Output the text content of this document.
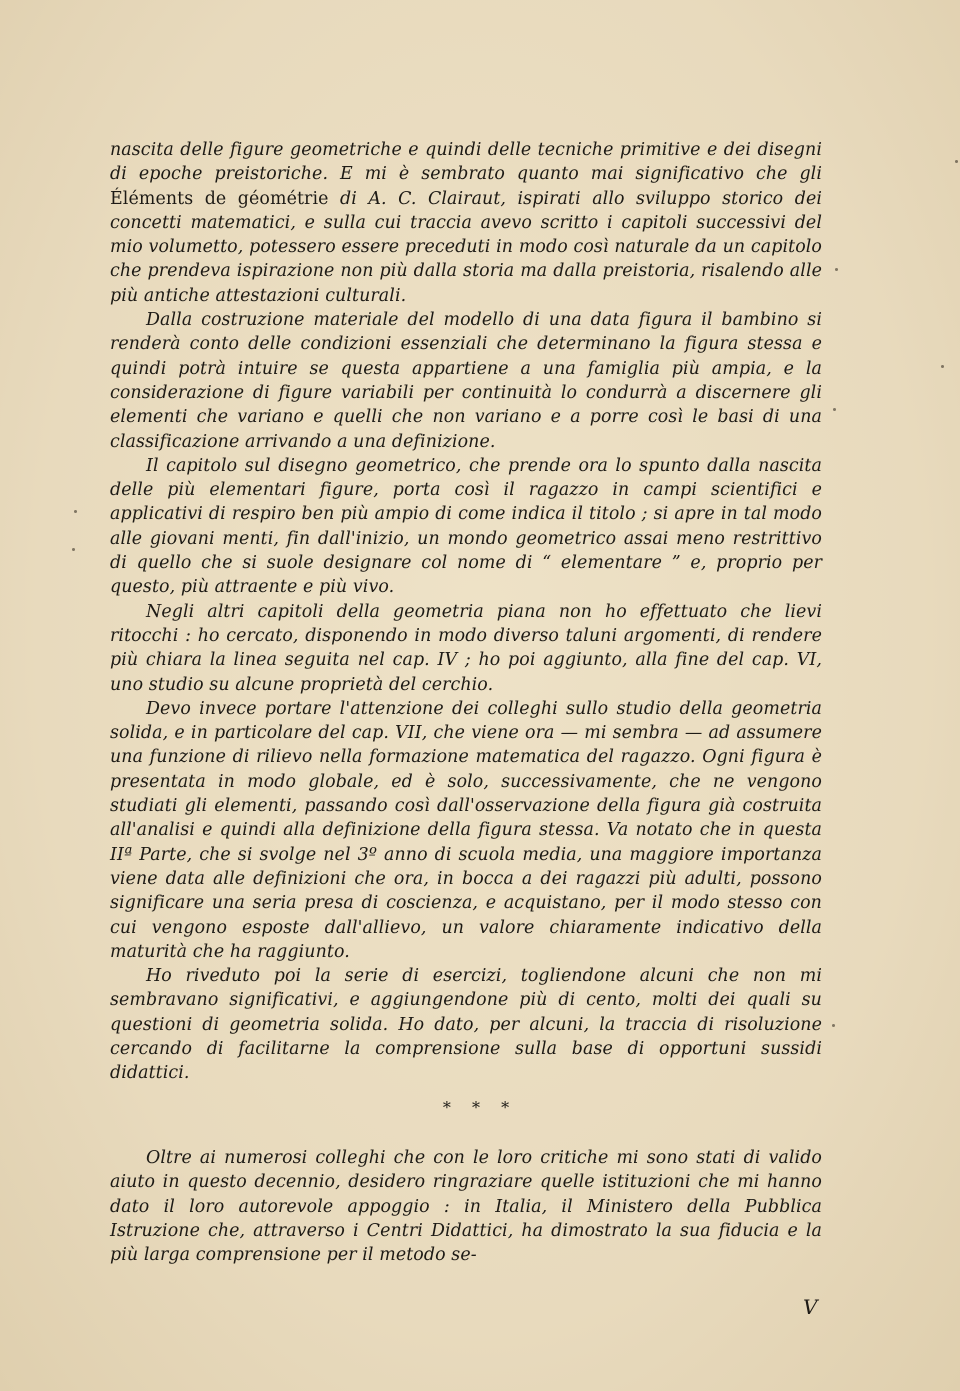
nascita delle figure geometriche e quindi delle tecniche primitive e dei disegni di epoche preistoriche. E mi è sembrato quanto mai significativo che gli Éléments de géométrie di A. C. Clairaut, ispirati allo sviluppo storico dei concetti matematici, e sulla cui traccia avevo scritto i capitoli successivi del mio volumetto, potessero essere preceduti in modo così naturale da un capitolo che prendeva ispirazione non più dalla storia ma dalla preistoria, risalendo alle più antiche attestazioni culturali.

Dalla costruzione materiale del modello di una data figura il bambino si renderà conto delle condizioni essenziali che determinano la figura stessa e quindi potrà intuire se questa appartiene a una famiglia più ampia, e la considerazione di figure variabili per continuità lo condurrà a discernere gli elementi che variano e quelli che non variano e a porre così le basi di una classificazione arrivando a una definizione.

Il capitolo sul disegno geometrico, che prende ora lo spunto dalla nascita delle più elementari figure, porta così il ragazzo in campi scientifici e applicativi di respiro ben più ampio di come indica il titolo ; si apre in tal modo alle giovani menti, fin dall'inizio, un mondo geometrico assai meno restrittivo di quello che si suole designare col nome di “ elementare ” e, proprio per questo, più attraente e più vivo.

Negli altri capitoli della geometria piana non ho effettuato che lievi ritocchi : ho cercato, disponendo in modo diverso taluni argomenti, di rendere più chiara la linea seguita nel cap. IV ; ho poi aggiunto, alla fine del cap. VI, uno studio su alcune proprietà del cerchio.

Devo invece portare l'attenzione dei colleghi sullo studio della geometria solida, e in particolare del cap. VII, che viene ora — mi sembra — ad assumere una funzione di rilievo nella formazione matematica del ragazzo. Ogni figura è presentata in modo globale, ed è solo, successivamente, che ne vengono studiati gli elementi, passando così dall'osservazione della figura già costruita all'analisi e quindi alla definizione della figura stessa. Va notato che in questa IIª Parte, che si svolge nel 3º anno di scuola media, una maggiore importanza viene data alle definizioni che ora, in bocca a dei ragazzi più adulti, possono significare una seria presa di coscienza, e acquistano, per il modo stesso con cui vengono esposte dall'allievo, un valore chiaramente indicativo della maturità che ha raggiunto.

Ho riveduto poi la serie di esercizi, togliendone alcuni che non mi sembravano significativi, e aggiungendone più di cento, molti dei quali su questioni di geometria solida. Ho dato, per alcuni, la traccia di risoluzione cercando di facilitarne la comprensione sulla base di opportuni sussidi didattici.

* * *

Oltre ai numerosi colleghi che con le loro critiche mi sono stati di valido aiuto in questo decennio, desidero ringraziare quelle istituzioni che mi hanno dato il loro autorevole appoggio : in Italia, il Ministero della Pubblica Istruzione che, attraverso i Centri Didattici, ha dimostrato la sua fiducia e la più larga comprensione per il metodo se-

V
